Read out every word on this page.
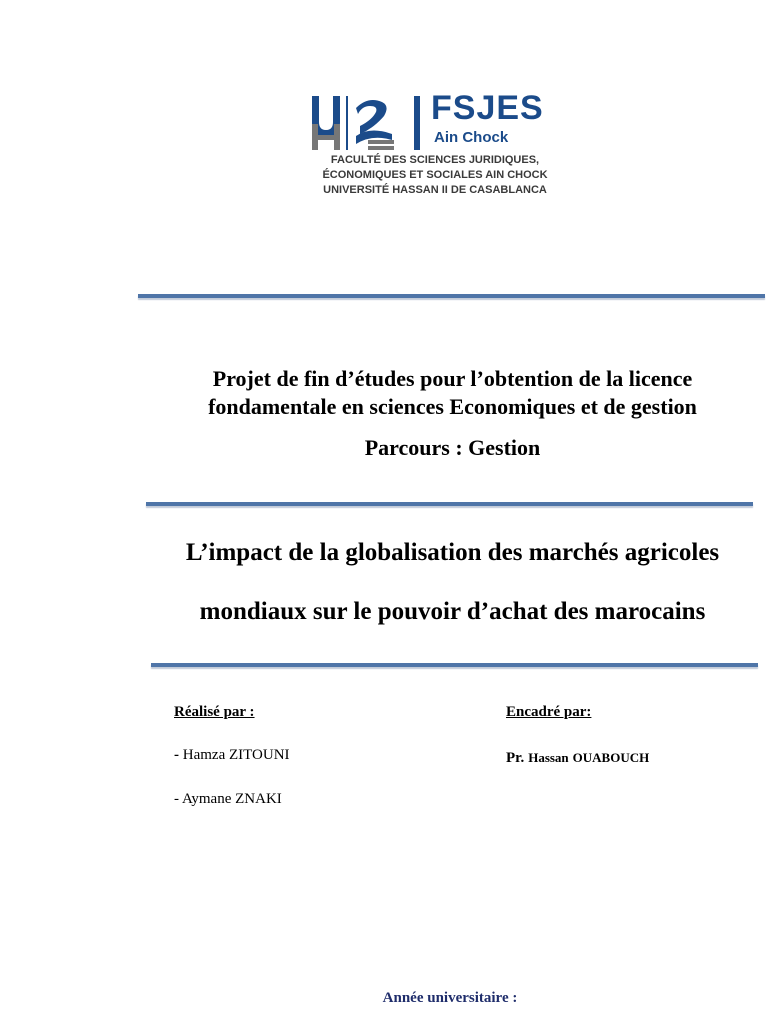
FSJES
Ain Chock
FACULTÉ DES SCIENCES JURIDIQUES,
ÉCONOMIQUES ET SOCIALES AIN CHOCK
UNIVERSITÉ HASSAN II DE CASABLANCA
Projet de fin d’études pour l’obtention de la licence
fondamentale en sciences Economiques et de gestion
Parcours : Gestion
L’impact de la globalisation des marchés agricoles
mondiaux sur le pouvoir d’achat des marocains
Réalisé par :
- Hamza ZITOUNI
- Aymane ZNAKI
Encadré par:
Pr. Hassan OUABOUCH
Année universitaire :
